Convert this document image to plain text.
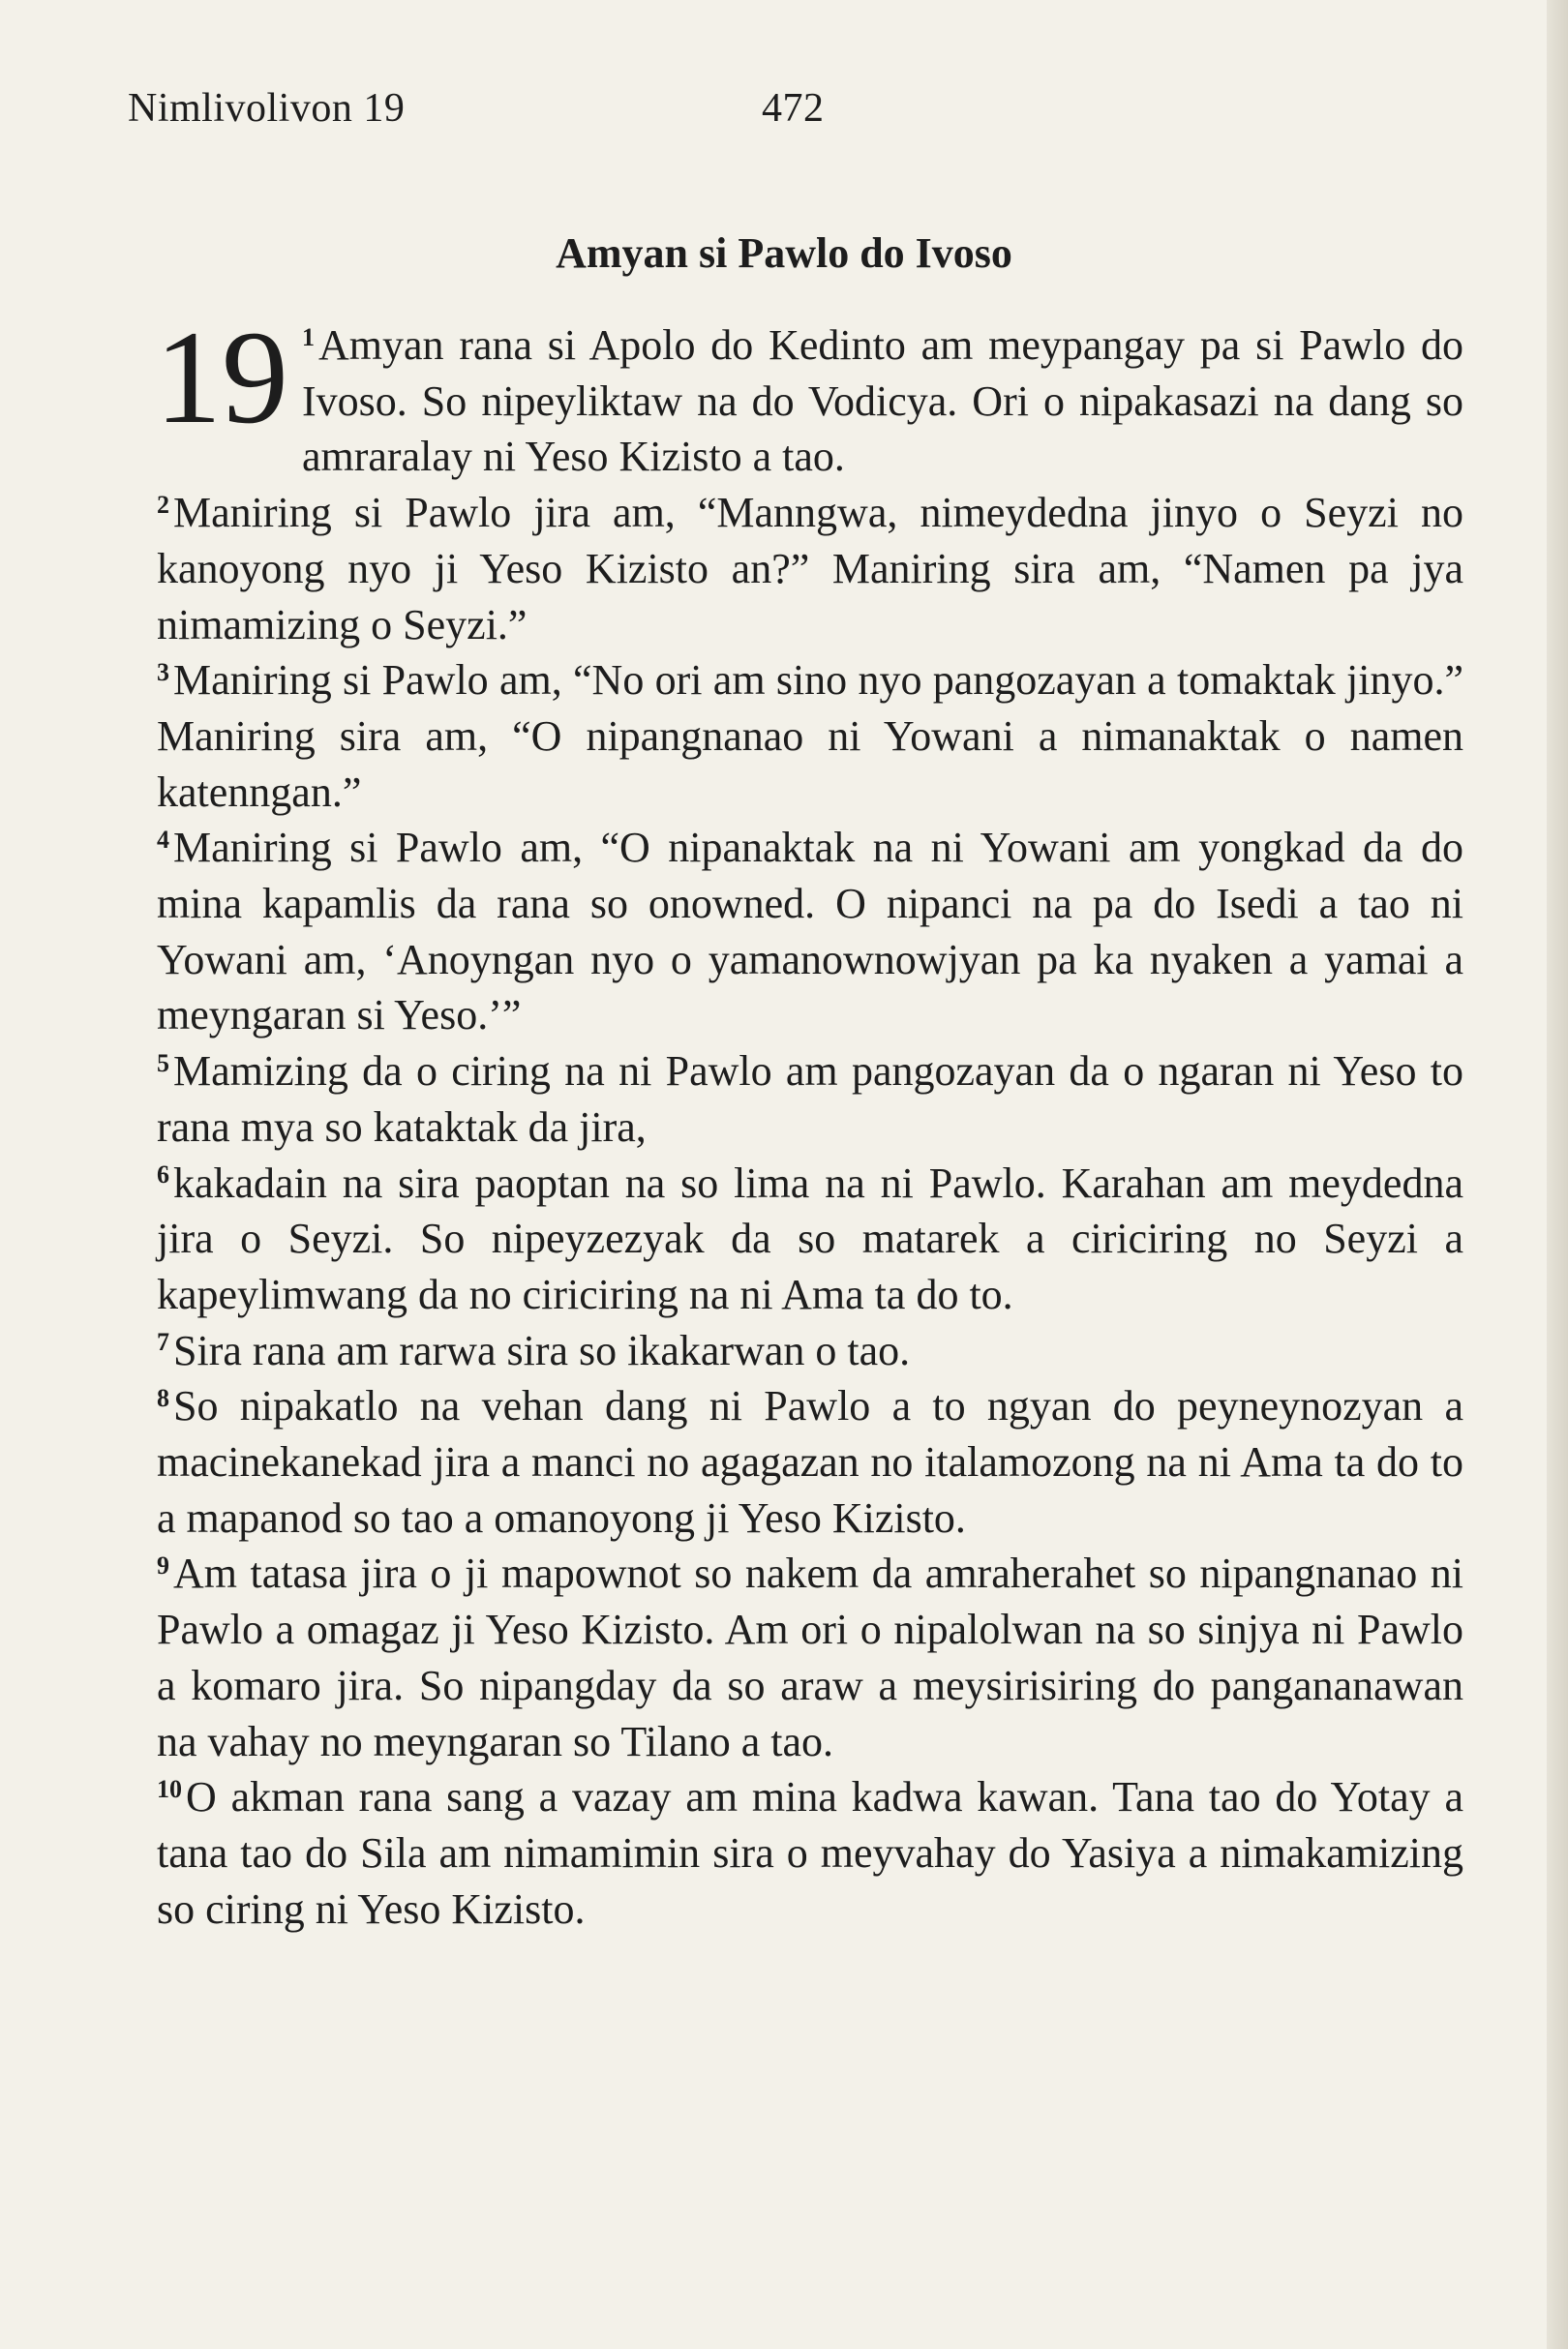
Nimlivolivon 19	472
Amyan si Pawlo do Ivoso

19 $^1$Amyan rana si Apolo do Kedinto am meypangay pa si Pawlo do Ivoso. So nipeyliktaw na do Vodicya. Ori o nipakasazi na dang so amraralay ni Yeso Kizisto a tao.

$^2$Maniring si Pawlo jira am, “Manngwa, nimeydedna jinyo o Seyzi no kanoyong nyo ji Yeso Kizisto an?” Maniring sira am, “Namen pa jya nimamizing o Seyzi.”

$^3$Maniring si Pawlo am, “No ori am sino nyo pangozayan a tomaktak jinyo.” Maniring sira am, “O nipangnanao ni Yowani a nimanaktak o namen katenngan.”

$^4$Maniring si Pawlo am, “O nipanaktak na ni Yowani am yongkad da do mina kapamlis da rana so onowned. O nipanci na pa do Isedi a tao ni Yowani am, ‘Anoyngan nyo o yamanownowjyan pa ka nyaken a yamai a meyngaran si Yeso.’”

$^5$Mamizing da o ciring na ni Pawlo am pangozayan da o ngaran ni Yeso to rana mya so kataktak da jira,

$^6$kakadain na sira paoptan na so lima na ni Pawlo. Karahan am meydedna jira o Seyzi. So nipeyzezyak da so matarek a ciriciring no Seyzi a kapeylimwang da no ciriciring na ni Ama ta do to.

$^7$Sira rana am rarwa sira so ikakarwan o tao.

$^8$So nipakatlo na vehan dang ni Pawlo a to ngyan do peyneynozyan a macinekanekad jira a manci no agagazan no italamozong na ni Ama ta do to a mapanod so tao a omanoyong ji Yeso Kizisto.

$^9$Am tatasa jira o ji mapownot so nakem da amraherahet so nipangnanao ni Pawlo a omagaz ji Yeso Kizisto. Am ori o nipalolwan na so sinjya ni Pawlo a komaro jira. So nipangday da so araw a meysirisiring do pangananawan na vahay no meyngaran so Tilano a tao.

$^{10}$O akman rana sang a vazay am mina kadwa kawan. Tana tao do Yotay a tana tao do Sila am nimamimin sira o meyvahay do Yasiya a nimakamizing so ciring ni Yeso Kizisto.
